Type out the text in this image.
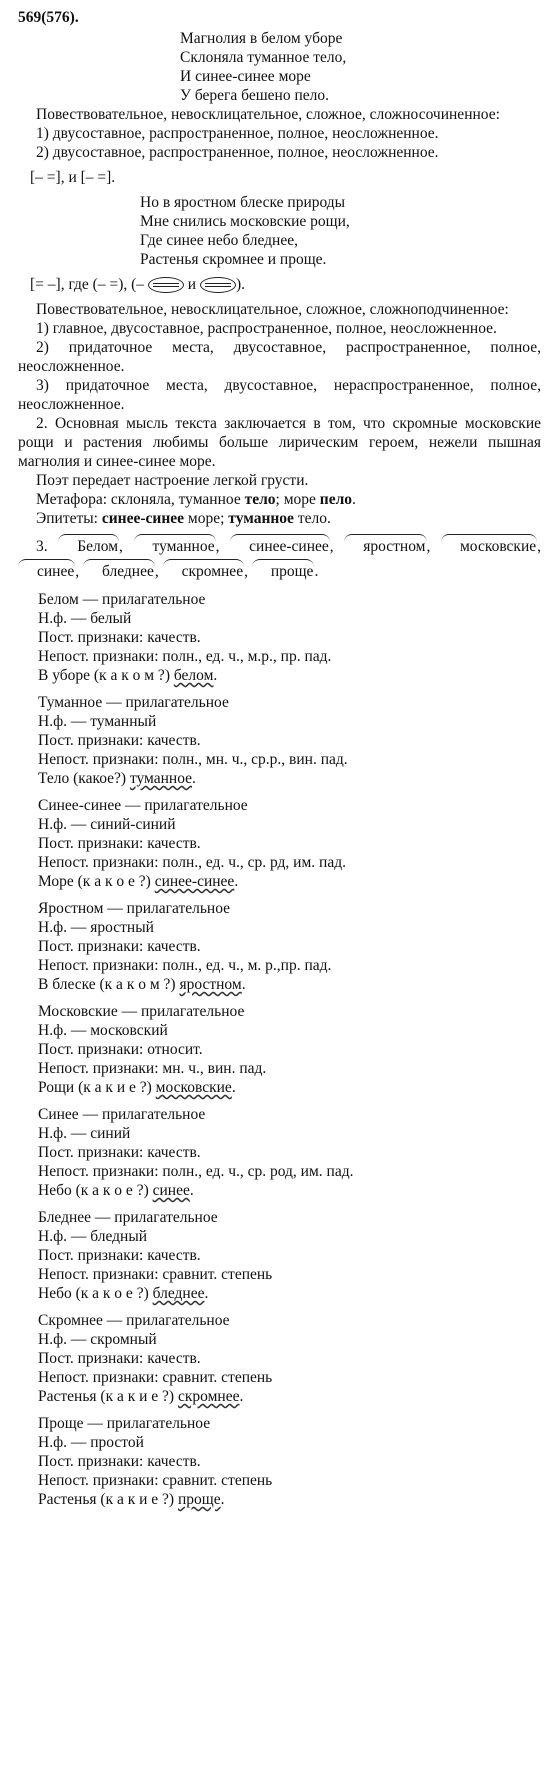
569(576).
Магнолия в белом уборе
Склоняла туманное тело,
И синее-синее море
У берега бешено пело.
Повествовательное, невосклицательное, сложное, сложносочиненное:
1) двусоставное, распространенное, полное, неосложненное.
2) двусоставное, распространенное, полное, неосложненное.
[– =], и [– =].
Но в яростном блеске природы
Мне снились московские рощи,
Где синее небо бледнее,
Растенья скромнее и проще.
[= –], где (– =), (–	и	).
Повествовательное, невосклицательное, сложное, сложноподчиненное:
1) главное, двусоставное, распространенное, полное, неосложненное.
2) придаточное места, двусоставное, распространенное, полное, неосложненное.
3) придаточное места, двусоставное, нераспространенное, полное, неосложненное.
2. Основная мысль текста заключается в том, что скромные московские рощи и растения любимы больше лирическим героем, нежели пышная магнолия и синее-синее море.
Поэт передает настроение легкой грусти.
Метафора: склоняла, туманное тело; море пело.
Эпитеты: синее-синее море; туманное тело.
3. Белом, туманное, синее-синее, яростном, московские, синее, бледнее, скромнее, проще.
Белом — прилагательное
Н.ф. — белый
Пост. признаки: качеств.
Непост. признаки: полн., ед. ч., м.р., пр. пад.
В уборе (к а к о м ?) белом.
Туманное — прилагательное
Н.ф. — туманный
Пост. признаки: качеств.
Непост. признаки: полн., мн. ч., ср.р., вин. пад.
Тело (какое?) туманное.
Синее-синее — прилагательное
Н.ф. — синий-синий
Пост. признаки: качеств.
Непост. признаки: полн., ед. ч., ср. рд, им. пад.
Море (к а к о е ?) синее-синее.
Яростном — прилагательное
Н.ф. — яростный
Пост. признаки: качеств.
Непост. признаки: полн., ед. ч., м. р.,пр. пад.
В блеске (к а к о м ?) яростном.
Московские — прилагательное
Н.ф. — московский
Пост. признаки: относит.
Непост. признаки: мн. ч., вин. пад.
Рощи (к а к и е ?) московские.
Синее — прилагательное
Н.ф. — синий
Пост. признаки: качеств.
Непост. признаки: полн., ед. ч., ср. род, им. пад.
Небо (к а к о е ?) синее.
Бледнее — прилагательное
Н.ф. — бледный
Пост. признаки: качеств.
Непост. признаки: сравнит. степень
Небо (к а к о е ?) бледнее.
Скромнее — прилагательное
Н.ф. — скромный
Пост. признаки: качеств.
Непост. признаки: сравнит. степень
Растенья (к а к и е ?) скромнее.
Проще — прилагательное
Н.ф. — простой
Пост. признаки: качеств.
Непост. признаки: сравнит. степень
Растенья (к а к и е ?) проще.
